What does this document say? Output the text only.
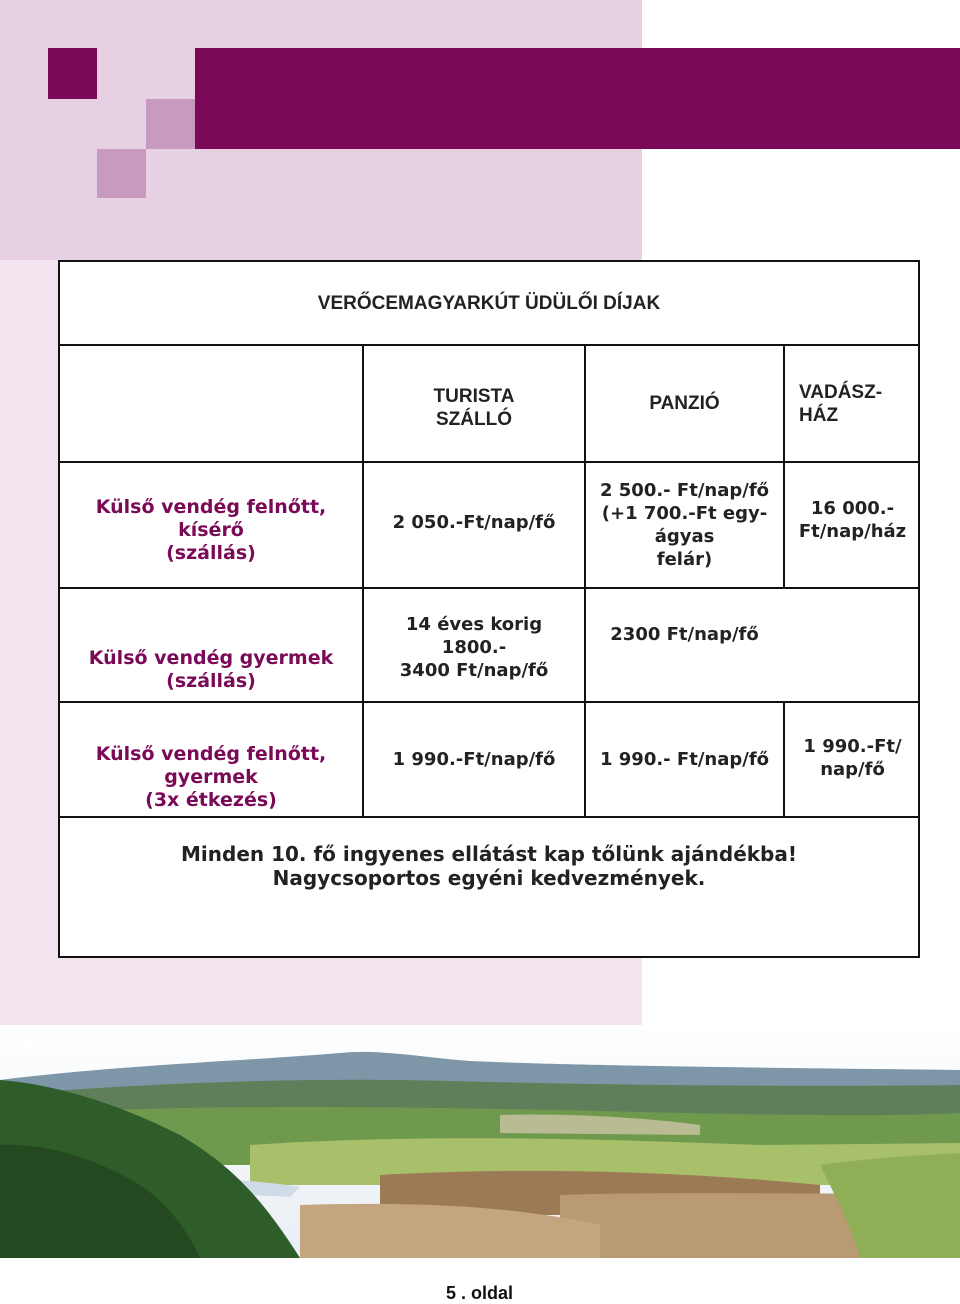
VERŐCEMAGYARKÚT ÜDÜLŐI DÍJAK
TURISTA
SZÁLLÓ
PANZIÓ
VADÁSZ-
HÁZ
Külső vendég felnőtt,
kísérő
(szállás)
2 050.-Ft/nap/fő
2 500.- Ft/nap/fő
(+1 700.-Ft egy-
ágyas
felár)
16 000.-
Ft/nap/ház
Külső vendég gyermek
(szállás)
14 éves korig
1800.-
3400 Ft/nap/fő
2300 Ft/nap/fő
Külső vendég felnőtt,
gyermek
(3x étkezés)
1 990.-Ft/nap/fő	1 990.- Ft/nap/fő
1 990.-Ft/
nap/fő
Minden 10. fő ingyenes ellátást kap tőlünk ajándékba!
Nagycsoportos egyéni kedvezmények.
5 . oldal
